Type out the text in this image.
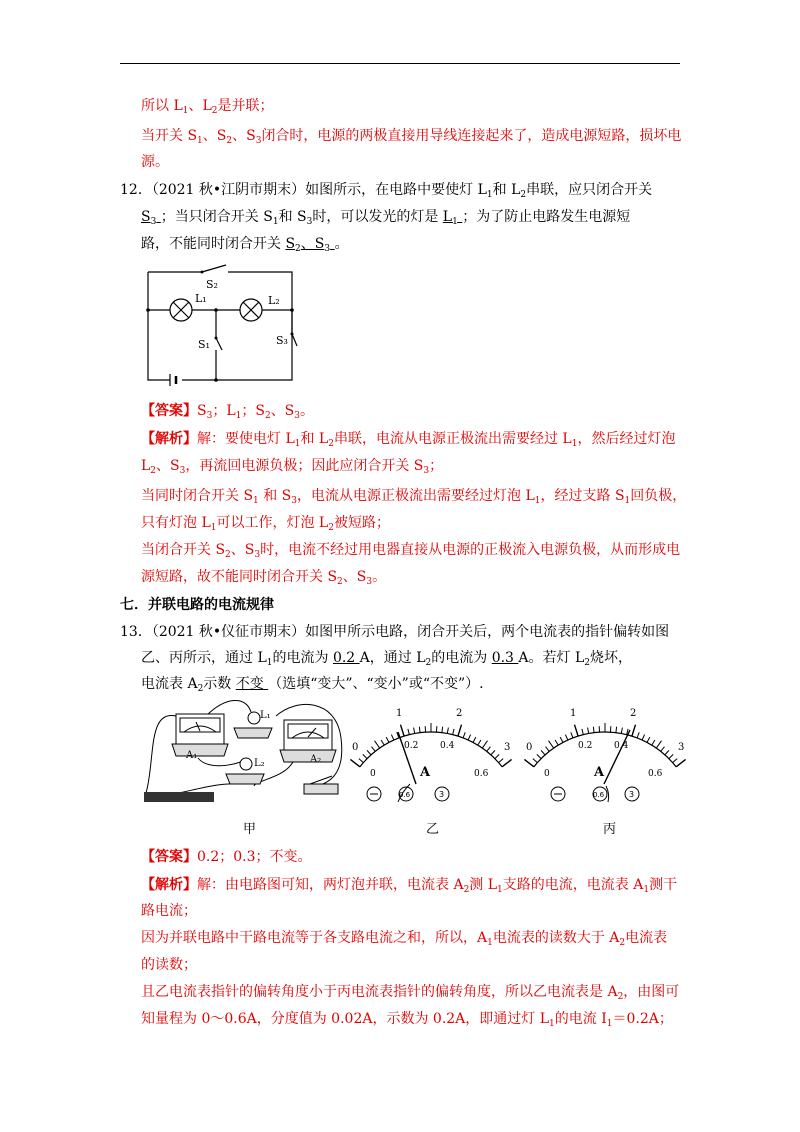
所以 $L_1$、$L_2$是并联；
当开关 $S_1$、$S_2$、$S_3$闭合时，电源的两极直接用导线连接起来了，造成电源短路，损坏电
源。
12．（2021 秋•江阴市期末）如图所示，在电路中要使灯 $L_1$和 $L_2$串联，应只闭合开关
$S_3$ ；当只闭合开关 $S_1$和 $S_3$时，可以发光的灯是 $L_1$ ；为了防止电路发生电源短
路，不能同时闭合开关 $S_2$、$S_3$ 。
S₂
L₁	L₂
S₁	S₃
【答案】$S_3$；$L_1$；$S_2$、$S_3$。
【解析】解：要使电灯 $L_1$和 $L_2$串联，电流从电源正极流出需要经过 $L_1$，然后经过灯泡
$L_2$、$S_3$，再流回电源负极；因此应闭合开关 $S_3$；
当同时闭合开关 $S_1$ 和 $S_3$，电流从电源正极流出需要经过灯泡 $L_1$，经过支路 $S_1$回负极，
只有灯泡 $L_1$可以工作，灯泡 $L_2$被短路；
当闭合开关 $S_2$、$S_3$时，电流不经过用电器直接从电源的正极流入电源负极，从而形成电
源短路，故不能同时闭合开关 $S_2$、$S_3$。
七．并联电路的电流规律
13．（2021 秋•仪征市期末）如图甲所示电路，闭合开关后，两个电流表的指针偏转如图
乙、丙所示，通过 $L_1$的电流为 0.2 A，通过 $L_2$的电流为 0.3 A。若灯 $L_2$烧坏，
电流表 $A_2$示数 不变 （选填“变大”、“变小”或“不变”）.
A₁	A₂
L₁
L₂
0
1	2
3
0
0.2 0.4
0.6
A
0.6	3
0
1	2
3
0
0.2 0.4
0.6
A
0.6	3
甲	乙	丙
【答案】0.2；0.3；不变。
【解析】解：由电路图可知，两灯泡并联，电流表 $A_2$测 $L_1$支路的电流，电流表 $A_1$测干
路电流；
因为并联电路中干路电流等于各支路电流之和，所以，$A_1$电流表的读数大于 $A_2$电流表
的读数；
且乙电流表指针的偏转角度小于丙电流表指针的偏转角度，所以乙电流表是 $A_2$，由图可
知量程为 0～0.6A，分度值为 0.02A，示数为 0.2A，即通过灯 $L_1$的电流 $I_1=0.2A$；
